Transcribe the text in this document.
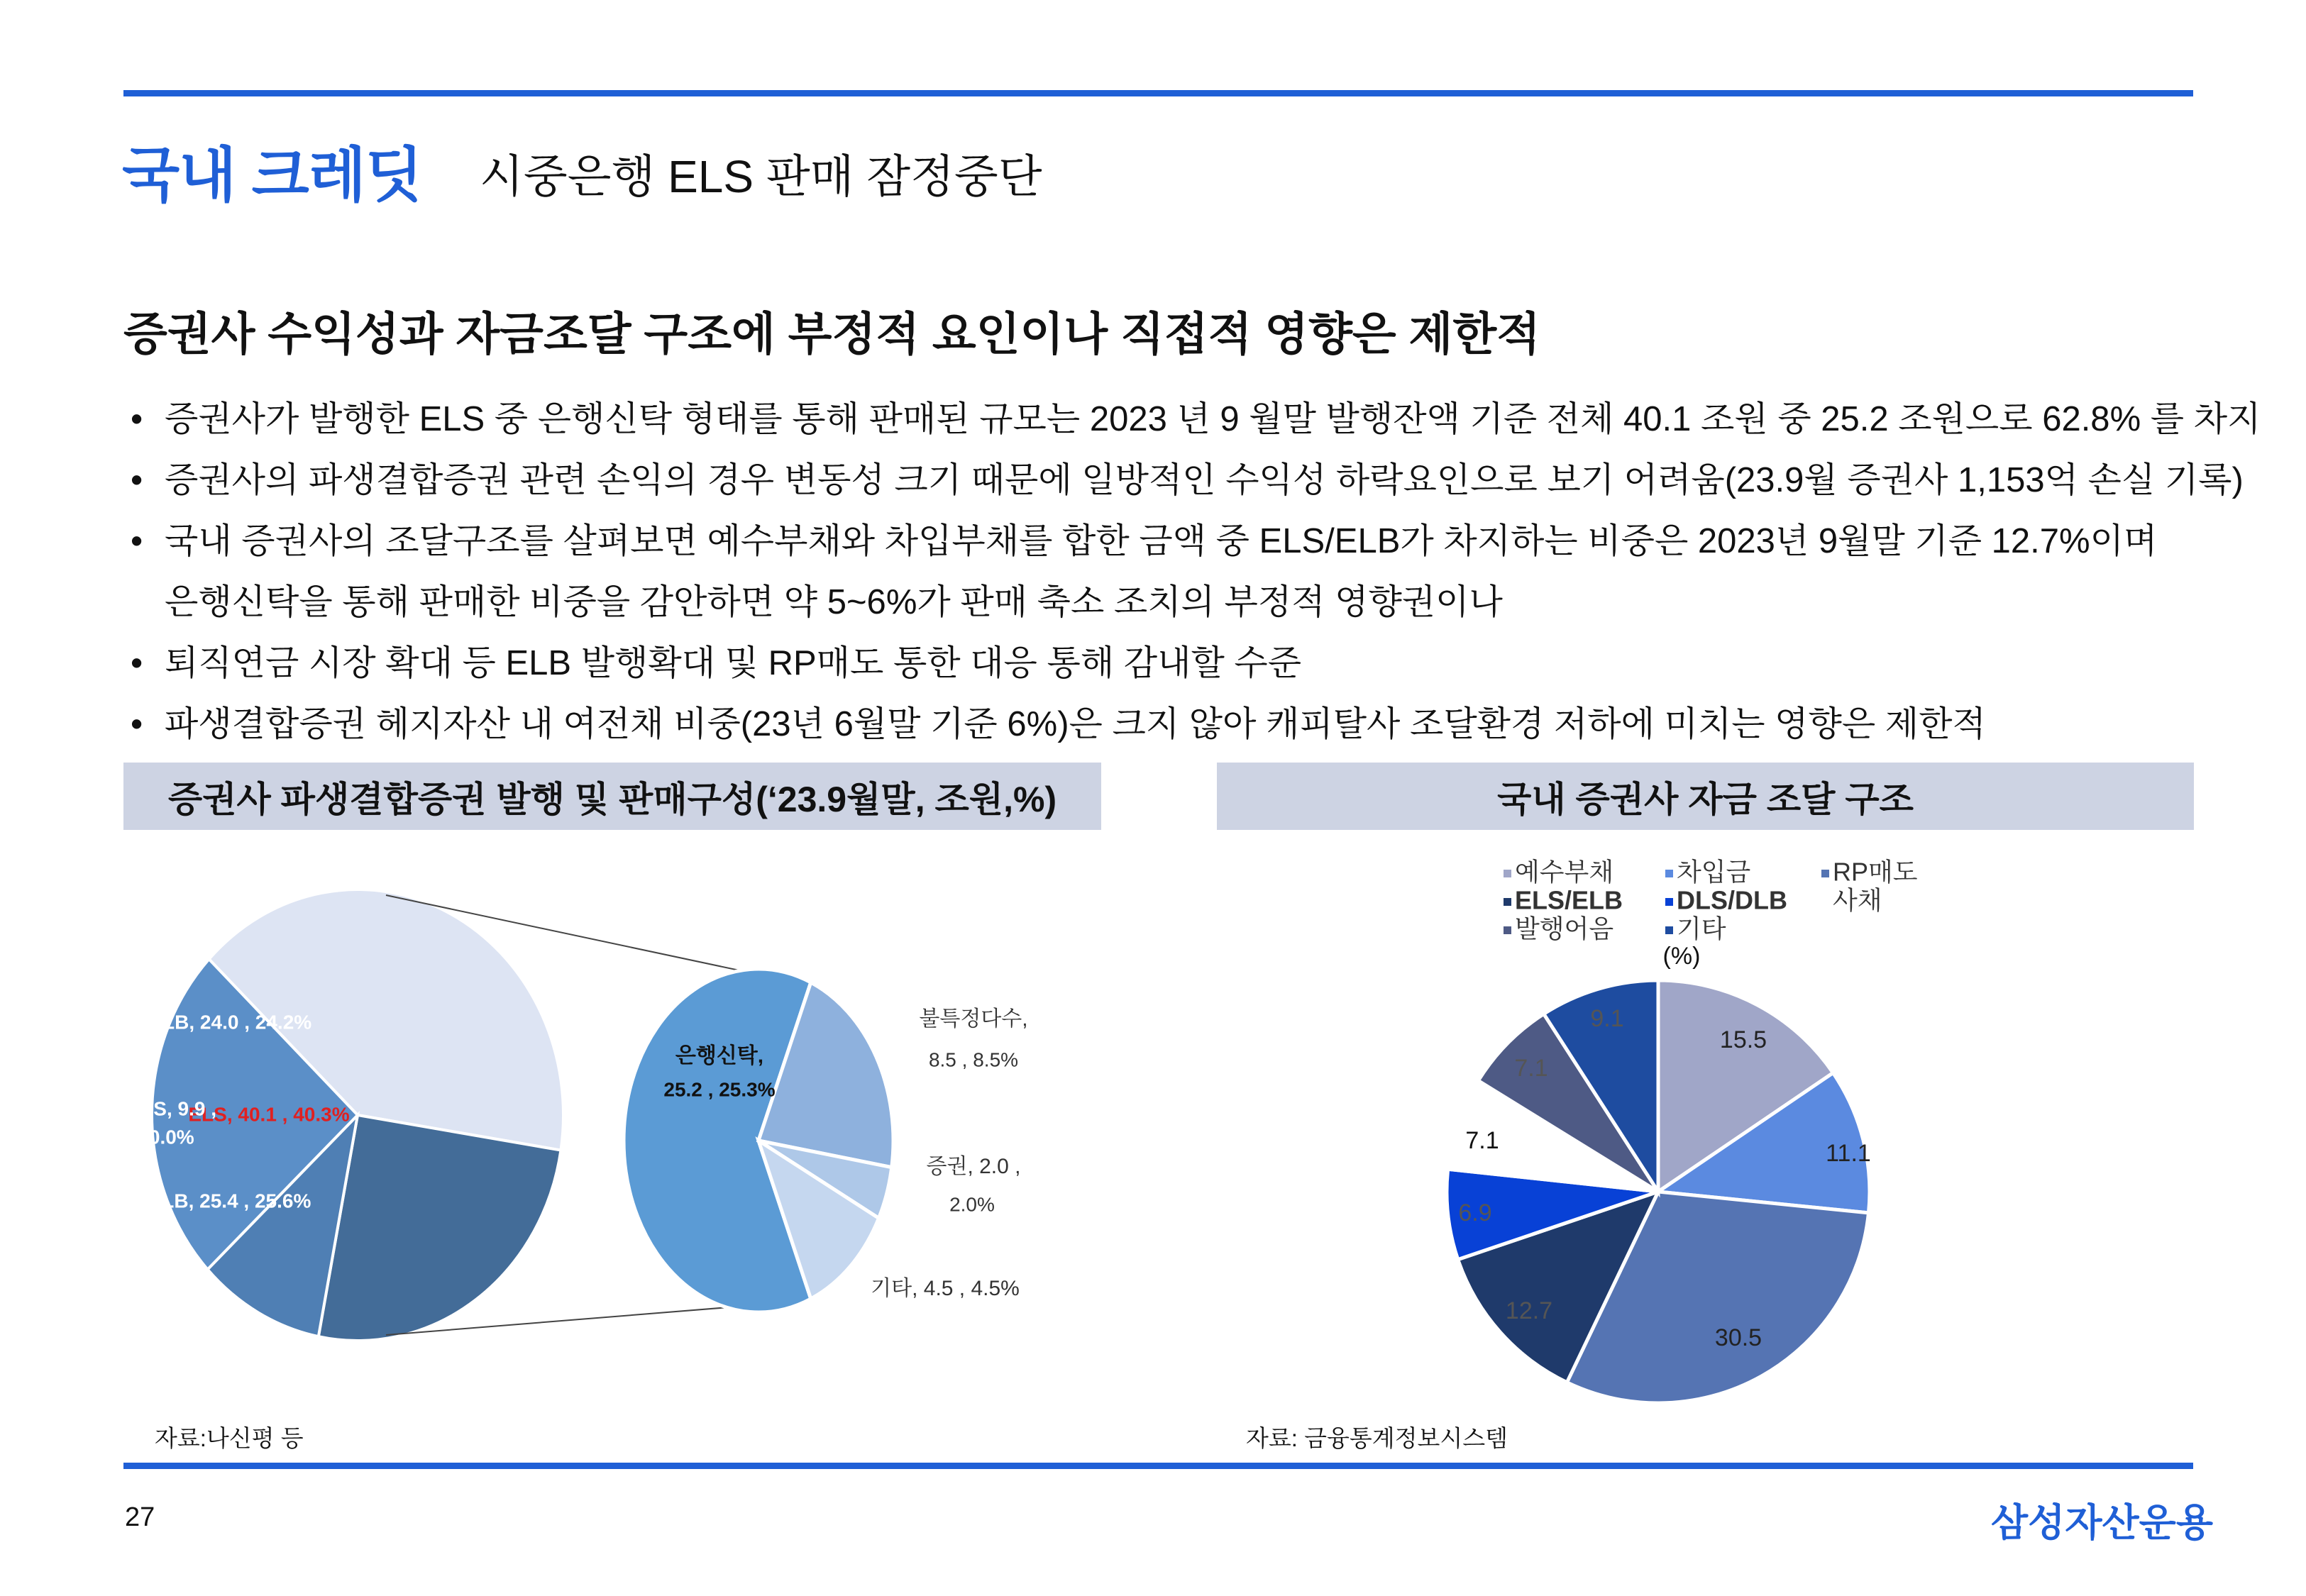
국내 크레딧 시중은행 ELS 판매 잠정중단
증권사 수익성과 자금조달 구조에 부정적 요인이나 직접적 영향은 제한적
• 증권사가 발행한 ELS 중 은행신탁 형태를 통해 판매된 규모는 2023 년 9 월말 발행잔액 기준 전체 40.1 조원 중 25.2 조원으로 62.8% 를 차지
• 증권사의 파생결합증권 관련 손익의 경우 변동성 크기 때문에 일방적인 수익성 하락요인으로 보기 어려움(23.9월 증권사 1,153억 손실 기록)
• 국내 증권사의 조달구조를 살펴보면 예수부채와 차입부채를 합한 금액 중 ELS/ELB가 차지하는 비중은 2023년 9월말 기준 12.7%이며
은행신탁을 통해 판매한 비중을 감안하면 약 5~6%가 판매 축소 조치의 부정적 영향권이나
• 퇴직연금 시장 확대 등 ELB 발행확대 및 RP매도 통한 대응 통해 감내할 수준
• 파생결합증권 헤지자산 내 여전채 비중(23년 6월말 기준 6%)은 크지 않아 캐피탈사 조달환경 저하에 미치는 영향은 제한적
증권사 파생결합증권 발행 및 판매구성(‘23.9월말, 조원,%)	국내 증권사 자금 조달 구조
ELS, 40.1 , 40.3%
ELB, 25.4 , 25.6%
DLS, 9.9 ,
10.0%
DLB, 24.0 , 24.2%
은행신탁,
25.2 , 25.3%
불특정다수,
8.5 , 8.5%
증권, 2.0 ,
2.0%
기타, 4.5 , 4.5%
예수부채 차입금	RP매도
사채
ELS/ELB DLS/DLB
발행어음 기타
(%)
15.5
11.1
30.5
12.7
6.9
7.1
7.1
9.1
자료:나신평 등	자료: 금융통계정보시스템
27	삼성자산운용
